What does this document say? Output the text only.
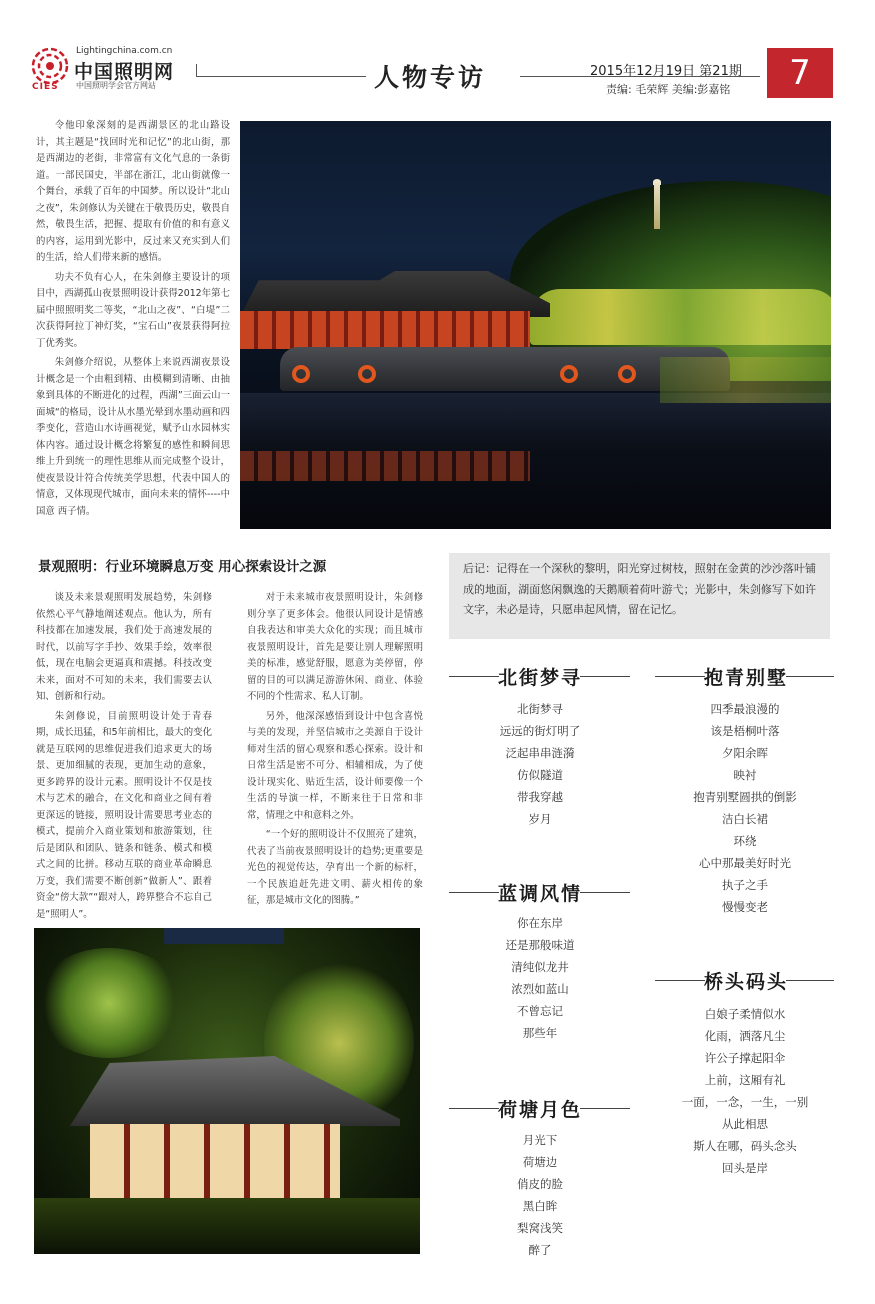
Lightingchina.com.cn
中国照明网
中国照明学会官方网站
CIES	人物专访	2015年12月19日 第21期
责编: 毛荣辉 美编:彭嘉铭	7

令他印象深刻的是西湖景区的北山路设计，其主题是“找回时光和记忆”的北山街，那是西湖边的老街，非常富有文化气息的一条街道。一部民国史，半部在浙江，北山街就像一个舞台，承载了百年的中国梦。所以设计“北山之夜”，朱剑修认为关键在于敬畏历史，敬畏自然，敬畏生活，把握、提取有价值的和有意义的内容，运用到光影中，反过来又充实到人们的生活，给人们带来新的感悟。

功夫不负有心人，在朱剑修主要设计的项目中，西湖孤山夜景照明设计获得2012年第七届中照照明奖二等奖，“北山之夜”、“白堤”二次获得阿拉丁神灯奖，“宝石山”夜景获得阿拉丁优秀奖。

朱剑修介绍说，从整体上来说西湖夜景设计概念是一个由粗到精、由模糊到清晰、由抽象到具体的不断进化的过程，西湖”三面云山一面城“的格局，设计从水墨光晕到水墨动画和四季变化，营造山水诗画视觉，赋予山水园林实体内容。通过设计概念将繁复的感性和瞬间思维上升到统一的理性思维从而完成整个设计，使夜景设计符合传统美学思想，代表中国人的情意，又体现现代城市，面向未来的情怀----中国意 西子情。

景观照明：行业环境瞬息万变 用心探索设计之源

谈及未来景观照明发展趋势，朱剑修依然心平气静地阐述观点。他认为，所有科技都在加速发展，我们处于高速发展的时代，以前写字手抄、效果手绘，效率很低，现在电脑会更逼真和震撼。科技改变未来，面对不可知的未来，我们需要去认知、创新和行动。

朱剑修说，目前照明设计处于青春期，成长迅猛，和5年前相比，最大的变化就是互联网的思维促进我们追求更大的场景、更加细腻的表现，更加生动的意象，更多跨界的设计元素。照明设计不仅是技术与艺术的融合，在文化和商业之间有着更深远的链接，照明设计需要思考业态的模式，提前介入商业策划和旅游策划，往后是团队和团队、链条和链条、模式和模式之间的比拼。移动互联的商业革命瞬息万变，我们需要不断创新“做新人”、跟着资金“傍大款”“跟对人，跨界整合不忘自己是“照明人”。

对于未来城市夜景照明设计，朱剑修则分享了更多体会。他很认同设计是情感自我表达和审美大众化的实现；而且城市夜景照明设计，首先是要让别人理解照明美的标准，感觉舒服，愿意为美停留，停留的目的可以满足游游休闲、商业、体验不同的个性需求、私人订制。

另外，他深深感悟到设计中包含喜悦与美的发现，并坚信城市之美源自于设计师对生活的留心观察和悉心探索。设计和日常生活是密不可分、相辅相成，为了使设计现实化、贴近生活，设计师要像一个生活的导演一样，不断来往于日常和非常，情理之中和意料之外。

“一个好的照明设计不仅照亮了建筑，代表了当前夜景照明设计的趋势;更重要是光色的视觉传达，孕育出一个新的标杆，一个民族追赶先进文明、薪火相传的象征，那是城市文化的图腾。”

后记：记得在一个深秋的黎明，阳光穿过树枝，照射在金黄的沙沙落叶铺成的地面，湖面悠闲飘逸的天鹅顺着荷叶游弋；光影中，朱剑修写下如许文字，未必是诗，只愿串起风情，留在记忆。
北街梦寻
北街梦寻
远远的街灯明了
泛起串串涟漪
仿似隧道
带我穿越
岁月
蓝调风情
你在东岸
还是那般味道
清纯似龙井
浓烈如蓝山
不曾忘记
那些年
荷塘月色
月光下
荷塘边
俏皮的脸
黑白眸
梨窝浅笑
醉了
抱青别墅
四季最浪漫的
该是梧桐叶落
夕阳余晖
映衬
抱青别墅圆拱的倒影
洁白长裙
环绕
心中那最美好时光
执子之手
慢慢变老
桥头码头
白娘子柔情似水
化雨，洒落凡尘
许公子撑起阳伞
上前，这厢有礼
一面，一念，一生，一别
从此相思
斯人在哪，码头念头
回头是岸
